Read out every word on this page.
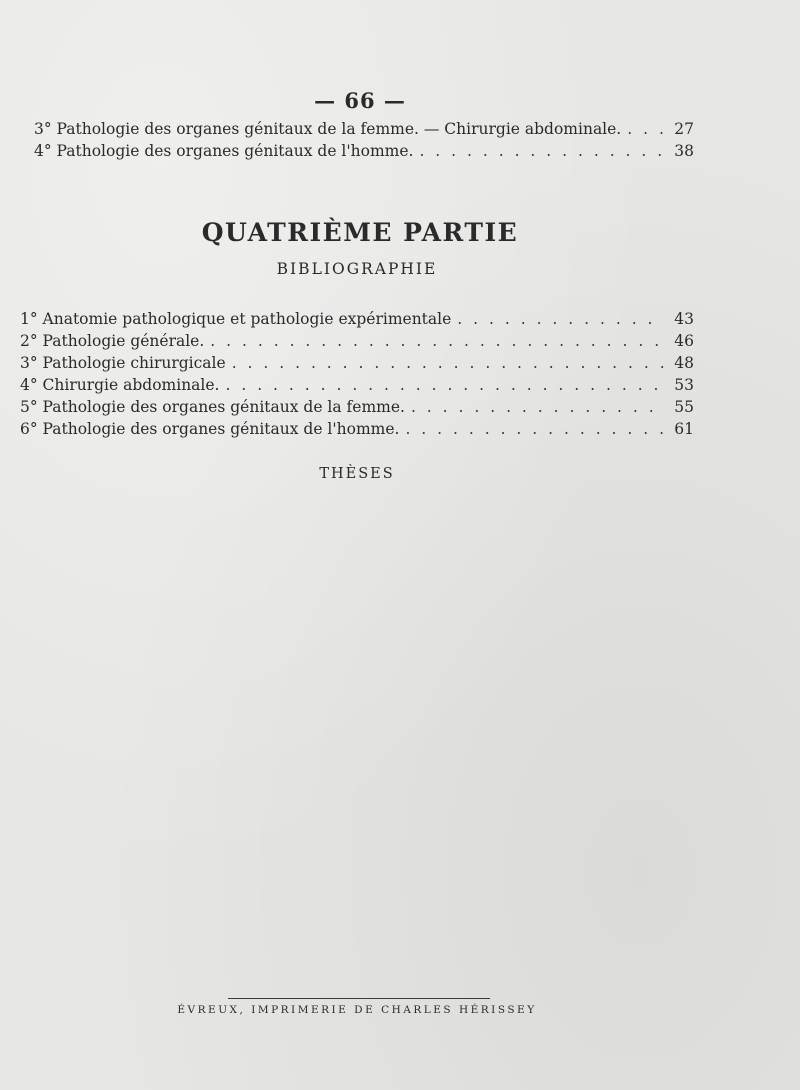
— 66 —
3° Pathologie des organes génitaux de la femme. — Chirurgie abdominale. . . .	27
4° Pathologie des organes génitaux de l'homme. . . .	38
QUATRIÈME PARTIE
BIBLIOGRAPHIE
1° Anatomie pathologique et pathologie expérimentale . . .	43
2° Pathologie générale. . . .	46
3° Pathologie chirurgicale . . .	48
4° Chirurgie abdominale. . . .	53
5° Pathologie des organes génitaux de la femme. . . .	55
6° Pathologie des organes génitaux de l'homme. . . .	61
THÈSES
ÉVREUX, IMPRIMERIE DE CHARLES HÉRISSEY
